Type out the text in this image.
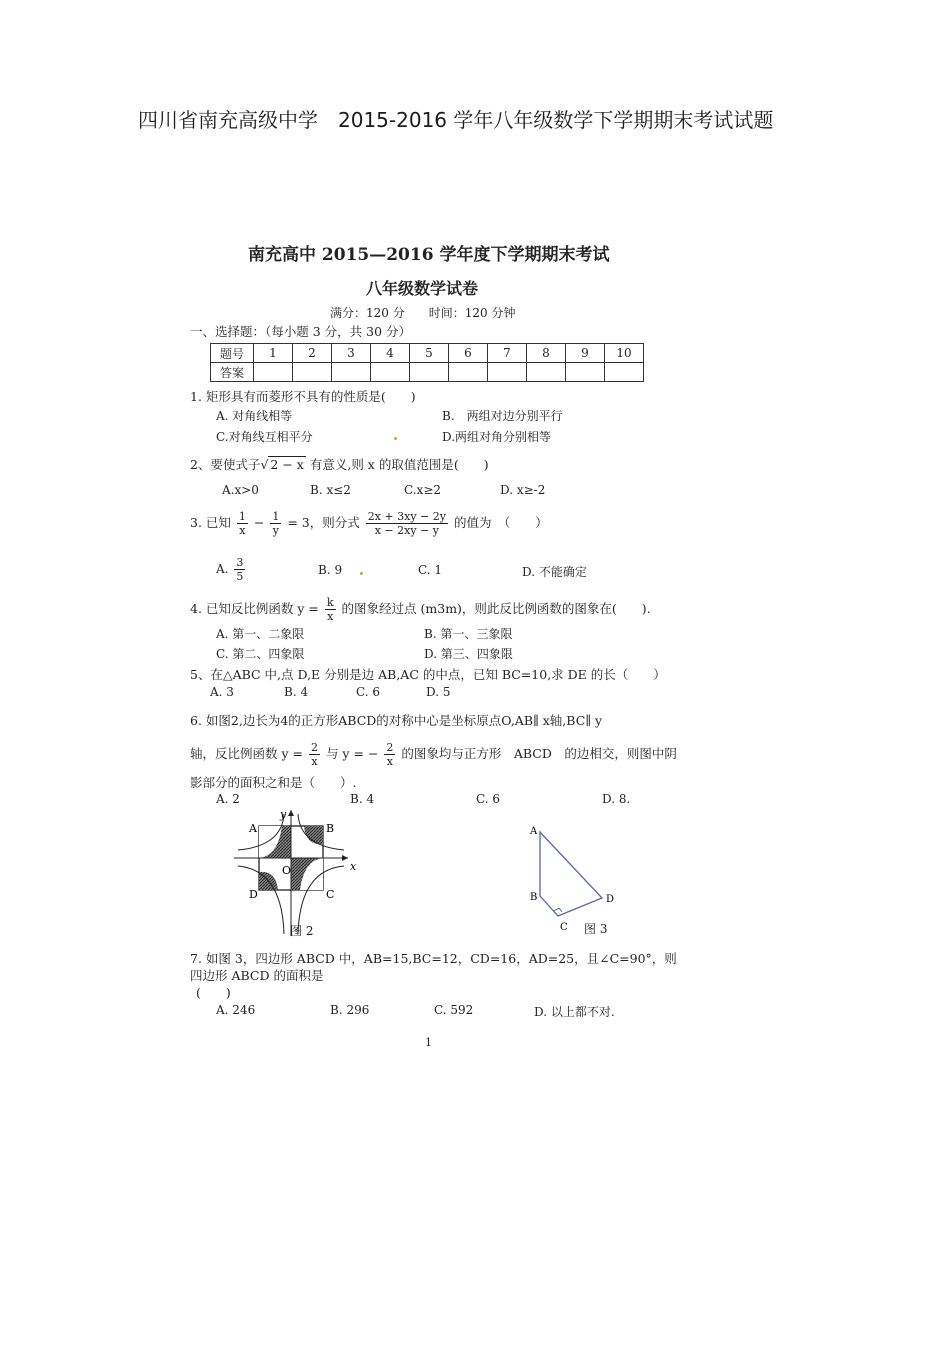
四川省南充高级中学　2015-2016 学年八年级数学下学期期末考试试题
南充高中 2015—2016 学年度下学期期末考试
八年级数学试卷
满分：120 分　　时间：120 分钟
一、选择题：（每小题 3 分，共 30 分）
题号	1	2	3	4	5	6	7	8	9	10
答案										
1. 矩形具有而菱形不具有的性质是(　　)
A. 对角线相等	B.　两组对边分别平行
C.对角线互相平分	D.两组对角分别相等
2、要使式子√ 2 − x 有意义,则 x 的取值范围是(　　)
A.x>0	B. x≤2	C.x≥2	D. x≥-2
3. 已知 $\frac{1}{x} - \frac{1}{y} = 3$，则分式 $\frac{2x + 3xy - 2y}{x - 2xy - y}$ 的值为　（　　）
A. $\frac{3}{5}$	B. 9	C. 1	D. 不能确定
4. 已知反比例函数 $y = \frac{k}{x}$ 的图象经过点 (m3m)，则此反比例函数的图象在(　　).
A. 第一、二象限	B. 第一、三象限
C. 第二、四象限	D. 第三、四象限
5、在△ABC 中,点 D,E 分别是边 AB,AC 的中点，已知 BC=10,求 DE 的长（　　）
A. 3	B. 4	C. 6	D. 5
6. 如图2,边长为4的正方形ABCD的对称中心是坐标原点O,AB∥ x轴,BC∥ y
轴，反比例函数 $y = \frac{2}{x}$ 与 y = − $\frac{2}{x}$ 的图象均与正方形　ABCD　的边相交，则图中阴
影部分的面积之和是（　　）.
A. 2	B. 4	C. 6	D. 8.
A	B
C
D
O	x
y
图 2
A
B
C
D
图 3
7. 如图 3，四边形 ABCD 中，AB=15,BC=12，CD=16，AD=25，且∠C=90°，则
四边形 ABCD 的面积是
(　　)
A. 246	B. 296	C. 592	D. 以上都不对.
1
